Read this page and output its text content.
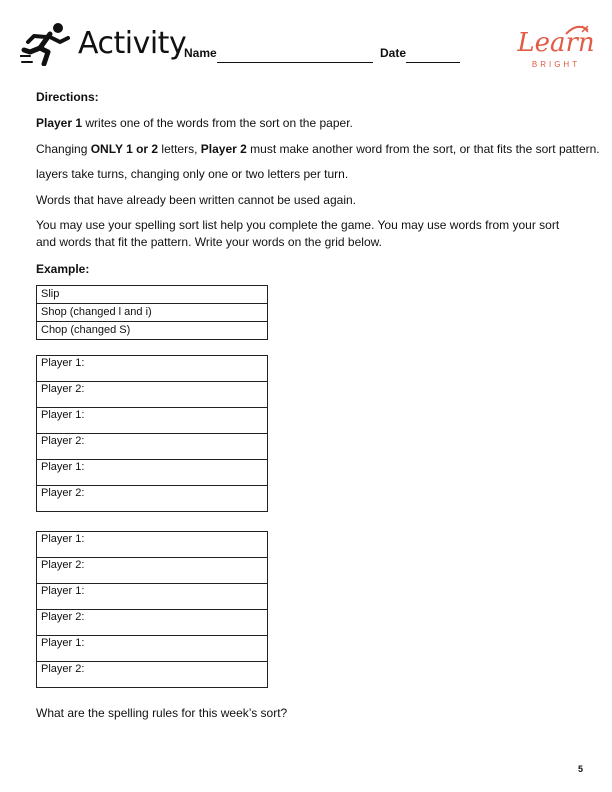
Activity
Name	Date	Learn
BRIGHT
Directions:
Player 1 writes one of the words from the sort on the paper.
Changing ONLY 1 or 2 letters, Player 2 must make another word from the sort, or that fits the sort pattern.
layers take turns, changing only one or two letters per turn.
Words that have already been written cannot be used again.
You may use your spelling sort list help you complete the game. You may use words from your sort and words that fit the pattern. Write your words on the grid below.
Example:
Slip
Shop (changed l and i)
Chop (changed S)
Player 1:
Player 2:
Player 1:
Player 2:
Player 1:
Player 2:
Player 1:
Player 2:
Player 1:
Player 2:
Player 1:
Player 2:
What are the spelling rules for this week’s sort?
5
